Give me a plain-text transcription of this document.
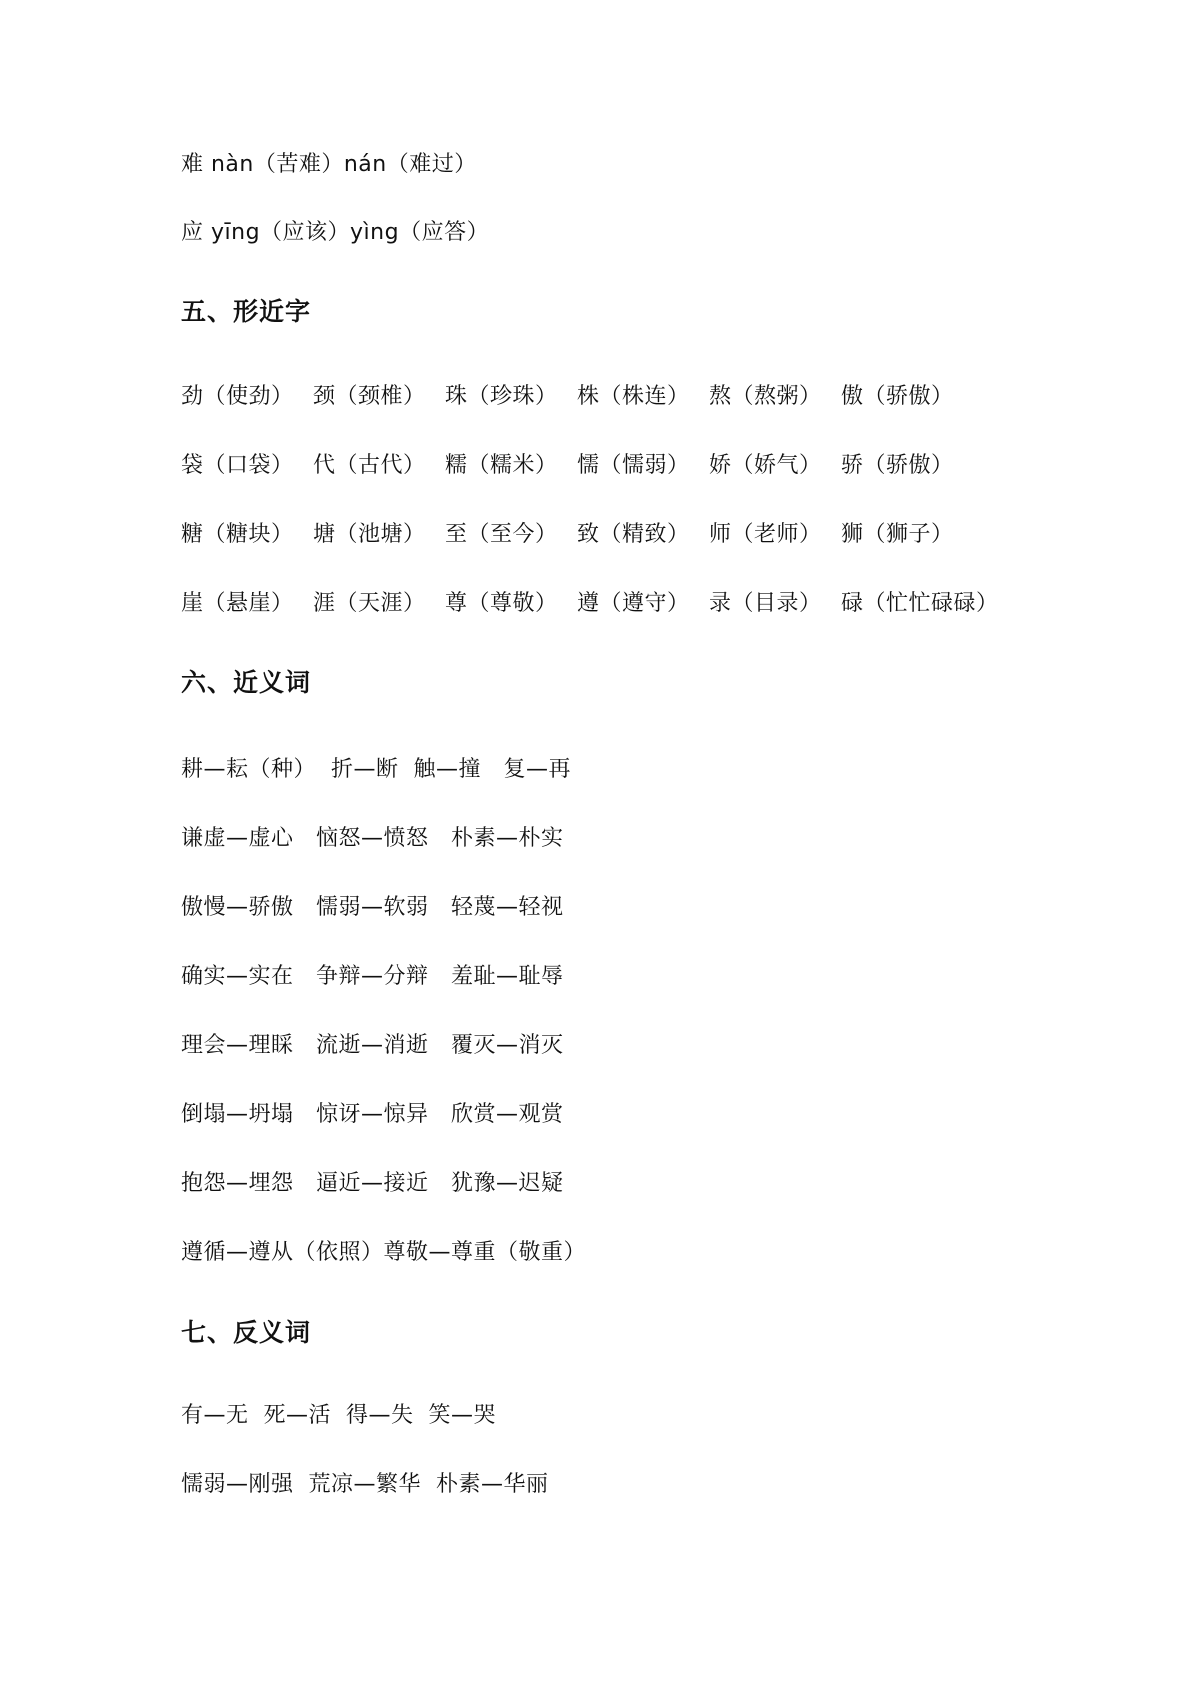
难 nàn（苦难）nán（难过）
应 yīng（应该）yìng（应答）
五、形近字
劲（使劲） 颈（颈椎） 珠（珍珠） 株（株连） 熬（熬粥） 傲（骄傲）
袋（口袋） 代（古代） 糯（糯米） 懦（懦弱） 娇（娇气） 骄（骄傲）
糖（糖块） 塘（池塘） 至（至今） 致（精致） 师（老师） 狮（狮子）
崖（悬崖） 涯（天涯） 尊（尊敬） 遵（遵守） 录（目录） 碌（忙忙碌碌）
六、近义词
耕—耘（种）  折—断  触—撞   复—再
谦虚—虚心   恼怒—愤怒   朴素—朴实
傲慢—骄傲   懦弱—软弱   轻蔑—轻视
确实—实在   争辩—分辩   羞耻—耻辱
理会—理睬   流逝—消逝   覆灭—消灭
倒塌—坍塌   惊讶—惊异   欣赏—观赏
抱怨—埋怨   逼近—接近   犹豫—迟疑
遵循—遵从（依照）尊敬—尊重（敬重）
七、反义词
有—无  死—活  得—失  笑—哭
懦弱—刚强  荒凉—繁华  朴素—华丽
